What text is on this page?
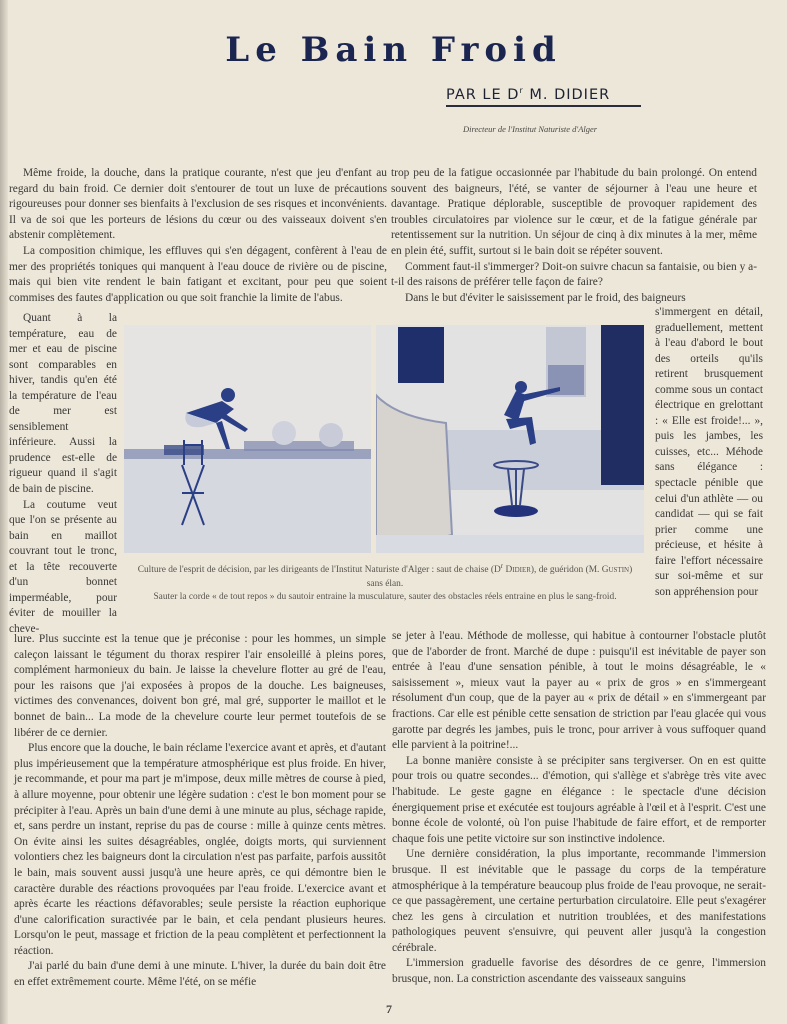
Le Bain Froid
PAR LE $D^r$ M. DIDIER
Directeur de l'Institut Naturiste d'Alger

Même froide, la douche, dans la pratique courante, n'est que jeu d'enfant au regard du bain froid. Ce dernier doit s'entourer de tout un luxe de précautions rigoureuses pour donner ses bienfaits à l'exclusion de ses risques et inconvénients. Il va de soi que les porteurs de lésions du cœur ou des vaisseaux doivent s'en abstenir complètement.

La composition chimique, les effluves qui s'en dégagent, confèrent à l'eau de mer des propriétés toniques qui manquent à l'eau douce de rivière ou de piscine, mais qui bien vite rendent le bain fatigant et excitant, pour peu que soient commises des fautes d'application ou que soit franchie la limite de l'abus.

Quant à la température, eau de mer et eau de piscine sont comparables en hiver, tandis qu'en été la température de l'eau de mer est sensiblement inférieure. Aussi la prudence est-elle de rigueur quand il s'agit de bain de piscine.

La coutume veut que l'on se présente au bain en maillot couvrant tout le tronc, et la tête recouverte d'un bonnet imperméable, pour éviter de mouiller la cheve-

trop peu de la fatigue occasionnée par l'habitude du bain prolongé. On entend souvent des baigneurs, l'été, se vanter de séjourner à l'eau une heure et davantage. Pratique déplorable, susceptible de provoquer rapidement des troubles circulatoires par violence sur le cœur, et de la fatigue générale par retentissement sur la nutrition. Un séjour de cinq à dix minutes à la mer, même en plein été, suffit, surtout si le bain doit se répéter souvent.

Comment faut-il s'immerger? Doit-on suivre chacun sa fantaisie, ou bien y a-t-il des raisons de préférer telle façon de faire?

Dans le but d'éviter le saisissement par le froid, des baigneurs

s'immergent en détail, graduellement, mettent à l'eau d'abord le bout des orteils qu'ils retirent brusquement comme sous un contact électrique en grelottant : « Elle est froide!... », puis les jambes, les cuisses, etc... Méhode sans élégance : spectacle pénible que celui d'un athlète — ou candidat — qui se fait prier comme une précieuse, et hésite à faire l'effort nécessaire sur soi-même et sur son appréhension pour

Culture de l'esprit de décision, par les dirigeants de l'Institut Naturiste d'Alger : saut de chaise ($D^r$ Didier), de guéridon (M. Gustin) sans élan.
Sauter la corde « de tout repos » du sautoir entraine la musculature, sauter des obstacles réels entraine en plus le sang-froid.

lure. Plus succinte est la tenue que je préconise : pour les hommes, un simple caleçon laissant le tégument du thorax respirer l'air ensoleillé à pleins pores, complément harmonieux du bain. Je laisse la chevelure flotter au gré de l'eau, pour les raisons que j'ai exposées à propos de la douche. Les baigneuses, victimes des convenances, doivent bon gré, mal gré, supporter le maillot et le bonnet de bain... La mode de la chevelure courte leur permet toutefois de se libérer de ce dernier.

Plus encore que la douche, le bain réclame l'exercice avant et après, et d'autant plus impérieusement que la température atmosphérique est plus froide. En hiver, je recommande, et pour ma part je m'impose, deux mille mètres de course à pied, à allure moyenne, pour obtenir une légère sudation : c'est le bon moment pour se précipiter à l'eau. Après un bain d'une demi à une minute au plus, séchage rapide, et, sans perdre un instant, reprise du pas de course : mille à quinze cents mètres. On évite ainsi les suites désagréables, onglée, doigts morts, qui surviennent volontiers chez les baigneurs dont la circulation n'est pas parfaite, parfois aussitôt le bain, mais souvent aussi jusqu'à une heure après, ce qui démontre bien le caractère durable des réactions provoquées par l'eau froide. L'exercice avant et après écarte les réactions défavorables; seule persiste la réaction euphorique d'une calorification suractivée par le bain, et cela pendant plusieurs heures. Lorsqu'on le peut, massage et friction de la peau complètent et perfectionnent la réaction.

J'ai parlé du bain d'une demi à une minute. L'hiver, la durée du bain doit être en effet extrêmement courte. Même l'été, on se méfie

se jeter à l'eau. Méthode de mollesse, qui habitue à contourner l'obstacle plutôt que de l'aborder de front. Marché de dupe : puisqu'il est inévitable de payer son entrée à l'eau d'une sensation pénible, à tout le moins désagréable, le « saisissement », mieux vaut la payer au « prix de gros » en s'immergeant résolument d'un coup, que de la payer au « prix de détail » en s'immergeant par fractions. Car elle est pénible cette sensation de striction par l'eau glacée qui vous garotte par degrés les jambes, puis le tronc, pour arriver à vous suffoquer quand elle parvient à la poitrine!...

La bonne manière consiste à se précipiter sans tergiverser. On en est quitte pour trois ou quatre secondes... d'émotion, qui s'allège et s'abrège très vite avec l'habitude. Le geste gagne en élégance : le spectacle d'une décision énergiquement prise et exécutée est toujours agréable à l'œil et à l'esprit. C'est une bonne école de volonté, où l'on puise l'habitude de faire effort, et de remporter chaque fois une petite victoire sur son instinctive indolence.

Une dernière considération, la plus importante, recommande l'immersion brusque. Il est inévitable que le passage du corps de la température atmosphérique à la température beaucoup plus froide de l'eau provoque, ne serait-ce que passagèrement, une certaine perturbation circulatoire. Elle peut s'exagérer chez les gens à circulation et nutrition troublées, et des manifestations pathologiques peuvent s'ensuivre, qui peuvent aller jusqu'à la congestion cérébrale.

L'immersion graduelle favorise des désordres de ce genre, l'immersion brusque, non. La constriction ascendante des vaisseaux sanguins

7
